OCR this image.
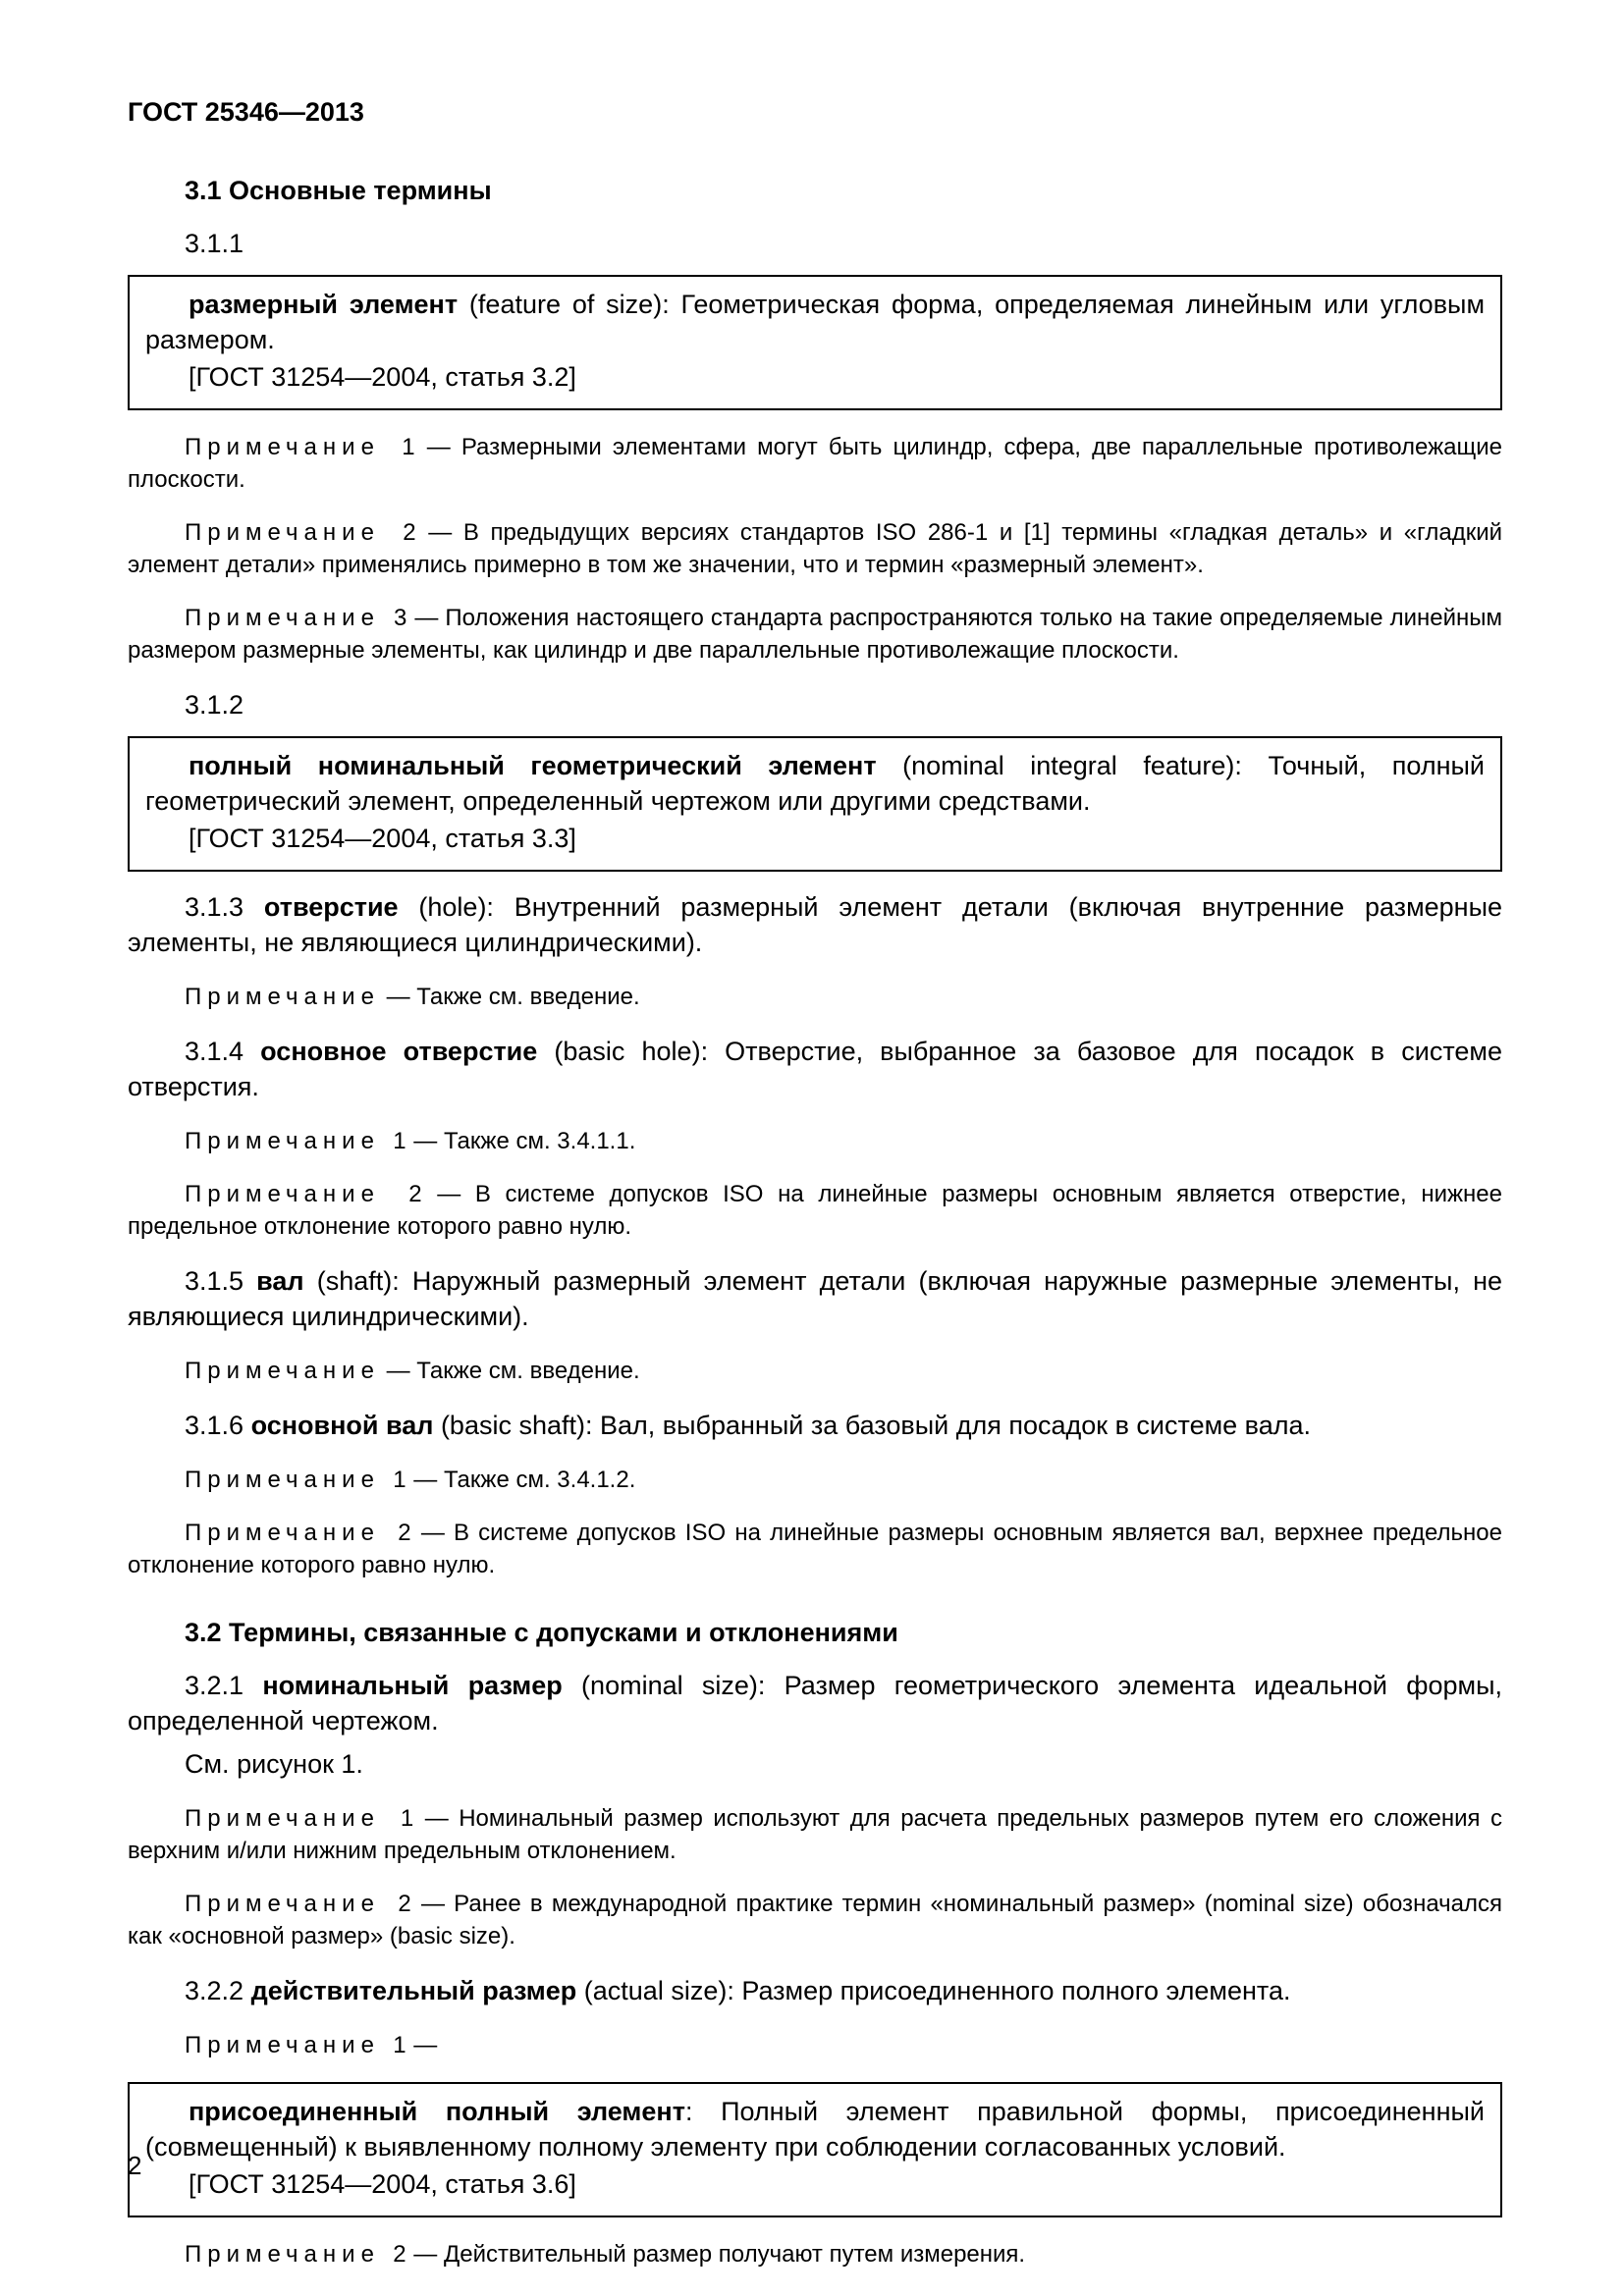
ГОСТ 25346—2013

3.1 Основные термины

3.1.1

размерный элемент (feature of size): Геометрическая форма, определяемая линейным или угловым размером.

[ГОСТ 31254—2004, статья 3.2]

Примечание 1 — Размерными элементами могут быть цилиндр, сфера, две параллельные противолежащие плоскости.

Примечание 2 — В предыдущих версиях стандартов ISO 286-1 и [1] термины «гладкая деталь» и «гладкий элемент детали» применялись примерно в том же значении, что и термин «размерный элемент».

Примечание 3 — Положения настоящего стандарта распространяются только на такие определяемые линейным размером размерные элементы, как цилиндр и две параллельные противолежащие плоскости.

3.1.2

полный номинальный геометрический элемент (nominal integral feature): Точный, полный геометрический элемент, определенный чертежом или другими средствами.

[ГОСТ 31254—2004, статья 3.3]

3.1.3 отверстие (hole): Внутренний размерный элемент детали (включая внутренние размерные элементы, не являющиеся цилиндрическими).

Примечание — Также см. введение.

3.1.4 основное отверстие (basic hole): Отверстие, выбранное за базовое для посадок в системе отверстия.

Примечание 1 — Также см. 3.4.1.1.

Примечание 2 — В системе допусков ISO на линейные размеры основным является отверстие, нижнее предельное отклонение которого равно нулю.

3.1.5 вал (shaft): Наружный размерный элемент детали (включая наружные размерные элементы, не являющиеся цилиндрическими).

Примечание — Также см. введение.

3.1.6 основной вал (basic shaft): Вал, выбранный за базовый для посадок в системе вала.

Примечание 1 — Также см. 3.4.1.2.

Примечание 2 — В системе допусков ISO на линейные размеры основным является вал, верхнее предельное отклонение которого равно нулю.

3.2 Термины, связанные с допусками и отклонениями

3.2.1 номинальный размер (nominal size): Размер геометрического элемента идеальной формы, определенной чертежом.

См. рисунок 1.

Примечание 1 — Номинальный размер используют для расчета предельных размеров путем его сложения с верхним и/или нижним предельным отклонением.

Примечание 2 — Ранее в международной практике термин «номинальный размер» (nominal size) обозначался как «основной размер» (basic size).

3.2.2 действительный размер (actual size): Размер присоединенного полного элемента.

Примечание 1 —

присоединенный полный элемент: Полный элемент правильной формы, присоединенный (совмещенный) к выявленному полному элементу при соблюдении согласованных условий.

[ГОСТ 31254—2004, статья 3.6]

Примечание 2 — Действительный размер получают путем измерения.

2
